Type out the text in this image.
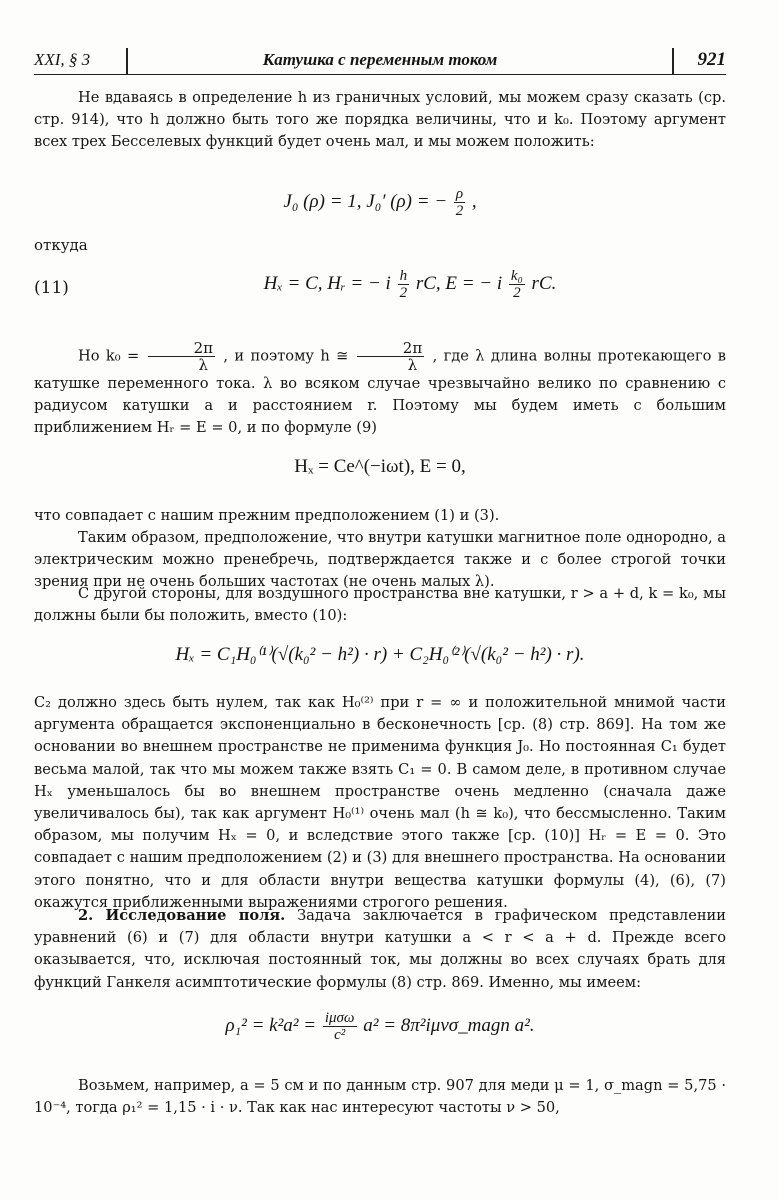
XXI, § 3	Катушка с переменным током	921

Не вдаваясь в определение h из граничных условий, мы можем сразу сказать (ср. стр. 914), что h должно быть того же порядка величины, что и k₀. Поэтому аргумент всех трех Бесселевых функций будет очень мал, и мы можем положить:

J₀ (ρ) = 1, J₀′ (ρ) = − $\frac{\rho}{2}$ ,
откуда
(11)	Hₓ = C, Hᵣ = − i $\frac{h}{2}$ rC, E = − i $\frac{\text{k₀}}{2}$ rC.

Но $k_0 = \frac{2\pi}{\lambda}$ , и поэтому h ≅ $\frac{2\pi}{\lambda}$ , где λ длина волны протекающего в катушке переменного тока. λ во всяком случае чрезвычайно велико по сравнению с радиусом катушки a и расстоянием r. Поэтому мы будем иметь с большим приближением Hᵣ = E = 0, и по формуле (9)

Hₓ = Ce^(−iωt), E = 0,

что совпадает с нашим прежним предположением (1) и (3).

Таким образом, предположение, что внутри катушки магнитное поле однородно, а электрическим можно пренебречь, подтверждается также и с более строгой точки зрения при не очень больших частотах (не очень малых λ).

С другой стороны, для воздушного пространства вне катушки, r > a + d, k = k₀, мы должны были бы положить, вместо (10):

Hₓ = C₁H₀⁽¹⁾(√(k₀² − h²) · r) + C₂H₀⁽²⁾(√(k₀² − h²) · r).

C₂ должно здесь быть нулем, так как H₀⁽²⁾ при r = ∞ и положительной мнимой части аргумента обращается экспоненциально в бесконечность [ср. (8) стр. 869]. На том же основании во внешнем пространстве не применима функция J₀. Но постоянная C₁ будет весьма малой, так что мы можем также взять C₁ = 0. В самом деле, в противном случае Hₓ уменьшалось бы во внешнем пространстве очень медленно (сначала даже увеличивалось бы), так как аргумент H₀⁽¹⁾ очень мал (h ≅ k₀), что бессмысленно. Таким образом, мы получим Hₓ = 0, и вследствие этого также [ср. (10)] Hᵣ = E = 0. Это совпадает с нашим предположением (2) и (3) для внешнего пространства. На основании этого понятно, что и для области внутри вещества катушки формулы (4), (6), (7) окажутся приближенными выражениями строгого решения.

2. Исследование поля. Задача заключается в графическом представлении уравнений (6) и (7) для области внутри катушки a < r < a + d. Прежде всего оказывается, что, исключая постоянный ток, мы должны во всех случаях брать для функций Ганкеля асимптотические формулы (8) стр. 869. Именно, мы имеем:

ρ₁² = k²a² = iμσω
c² a² = 8π²iμνσ_magn a².

Возьмем, например, a = 5 см и по данным стр. 907 для меди μ = 1, σ_magn = 5,75 · 10⁻⁴, тогда ρ₁² = 1,15 · i · ν. Так как нас интересуют частоты ν > 50,
